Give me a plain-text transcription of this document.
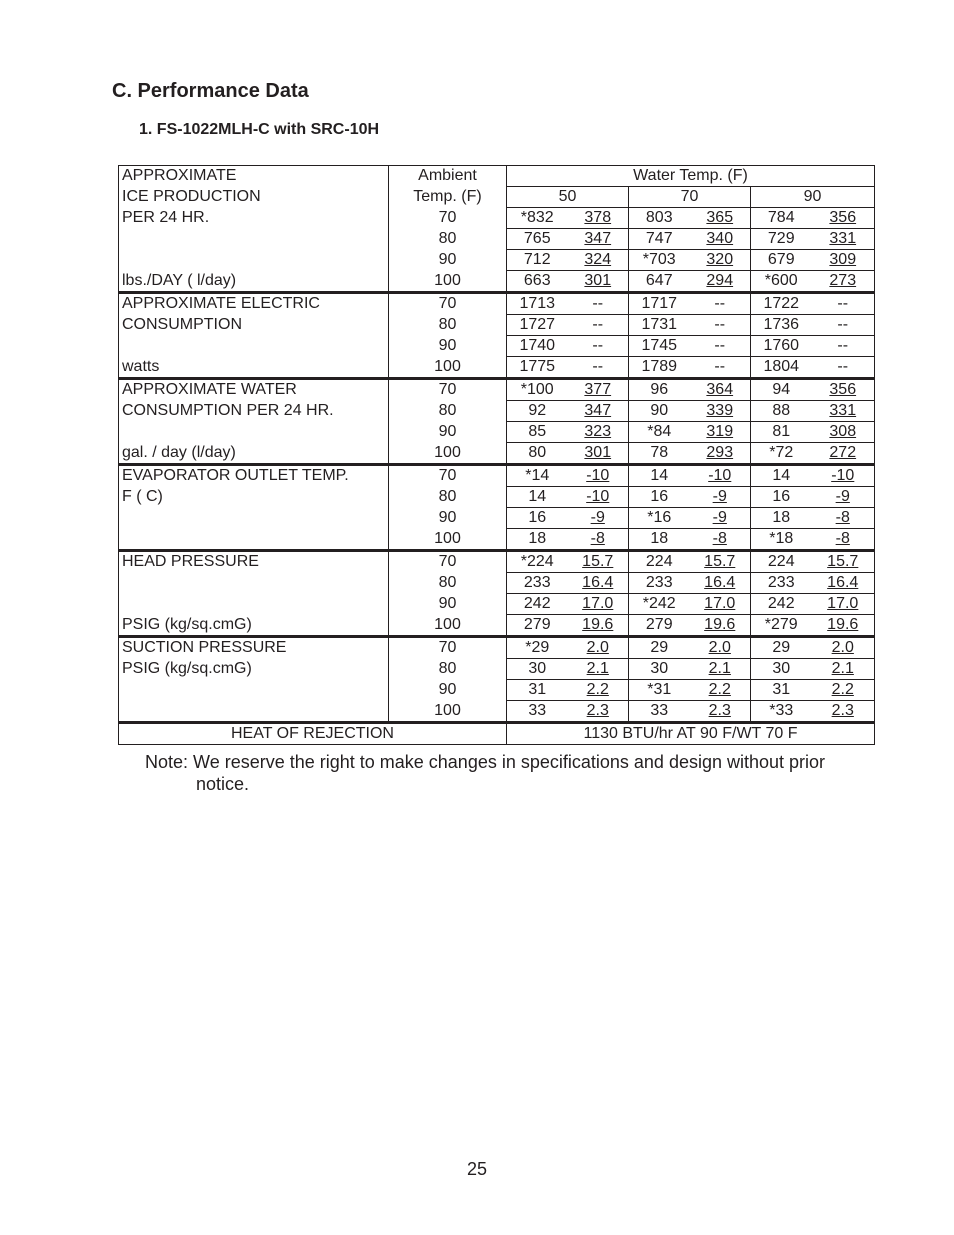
C. Performance Data
1. FS-1022MLH-C with SRC-10H
APPROXIMATE	Ambient	Water Temp. (F)					
ICE PRODUCTION	Temp. (F)	50		70		90	
PER 24 HR.	70	*832	378	803	365	784	356
	80	765	347	747	340	729	331
	90	712	324	*703	320	679	309
lbs./DAY ( l/day)	100	663	301	647	294	*600	273
APPROXIMATE ELECTRIC	70	1713	--	1717	--	1722	--
CONSUMPTION	80	1727	--	1731	--	1736	--
	90	1740	--	1745	--	1760	--
watts	100	1775	--	1789	--	1804	--
APPROXIMATE WATER	70	*100	377	96	364	94	356
CONSUMPTION PER 24 HR.	80	92	347	90	339	88	331
	90	85	323	*84	319	81	308
gal. / day (l/day)	100	80	301	78	293	*72	272
EVAPORATOR OUTLET TEMP.	70	*14	-10	14	-10	14	-10
F ( C)	80	14	-10	16	-9	16	-9
	90	16	-9	*16	-9	18	-8
	100	18	-8	18	-8	*18	-8
HEAD PRESSURE	70	*224	15.7	224	15.7	224	15.7
	80	233	16.4	233	16.4	233	16.4
	90	242	17.0	*242	17.0	242	17.0
PSIG (kg/sq.cmG)	100	279	19.6	279	19.6	*279	19.6
SUCTION PRESSURE	70	*29	2.0	29	2.0	29	2.0
PSIG (kg/sq.cmG)	80	30	2.1	30	2.1	30	2.1
	90	31	2.2	*31	2.2	31	2.2
	100	33	2.3	33	2.3	*33	2.3
HEAT OF REJECTION		1130 BTU/hr AT 90 F/WT 70 F					

Note: We reserve the right to make changes in specifications and design without prior
notice.

25
